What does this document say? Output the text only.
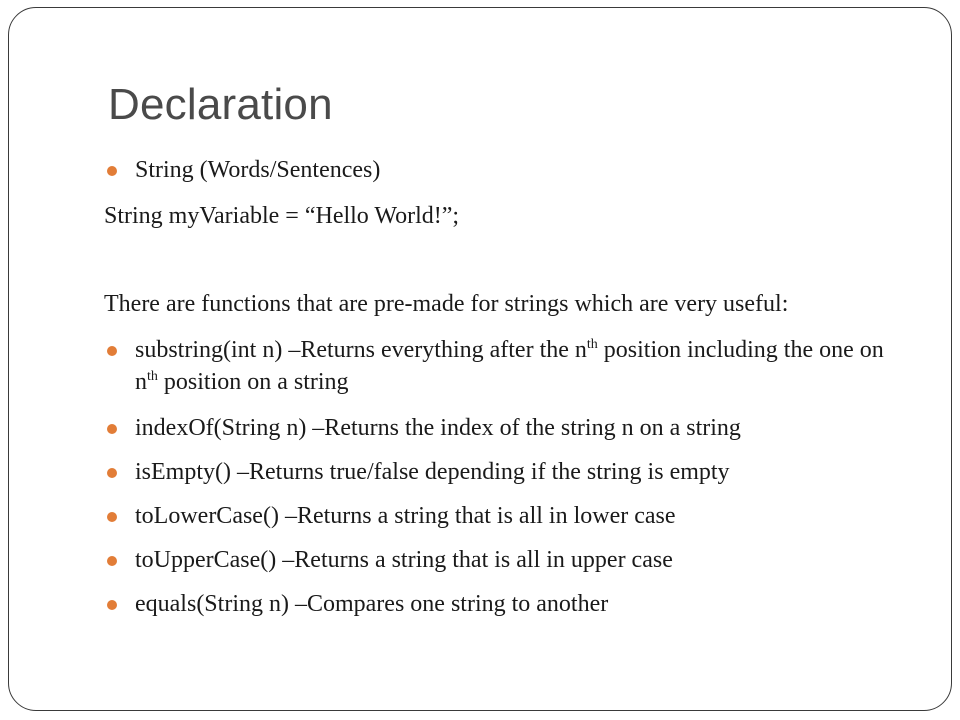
Declaration
String (Words/Sentences)
String myVariable = “Hello World!”;
There are functions that are pre-made for strings which are very useful:
substring(int n) –Returns everything after the $n^{th}$ position including the one on $n^{th}$ position on a string
indexOf(String n) –Returns the index of the string n on a string
isEmpty() –Returns true/false depending if the string is empty
toLowerCase() –Returns a string that is all in lower case
toUpperCase() –Returns a string that is all in upper case
equals(String n) –Compares one string to another
